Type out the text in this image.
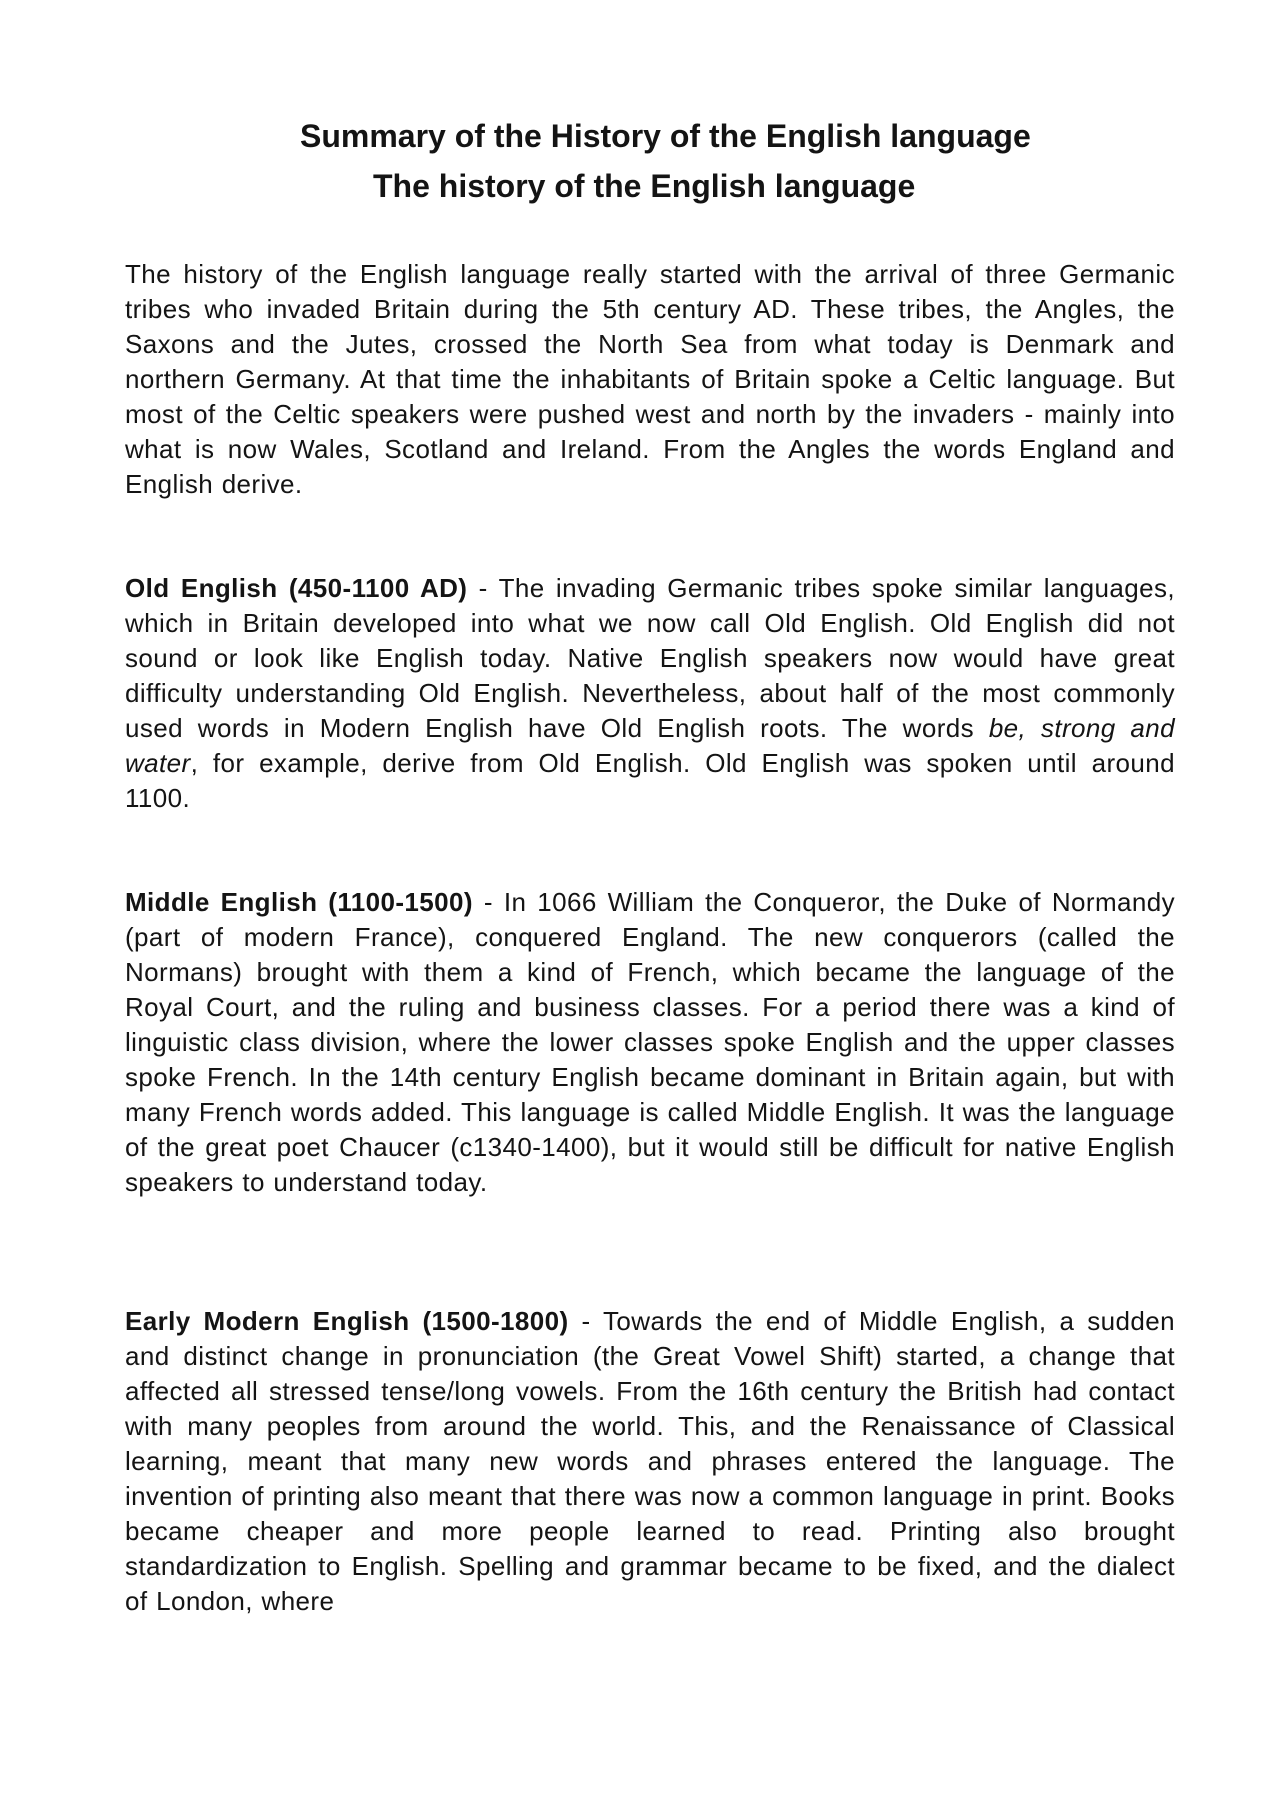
Summary of the History of the English language
The history of the English language

The history of the English language really started with the arrival of three Germanic tribes who invaded Britain during the 5th century AD. These tribes, the Angles, the Saxons and the Jutes, crossed the North Sea from what today is Denmark and northern Germany. At that time the inhabitants of Britain spoke a Celtic language. But most of the Celtic speakers were pushed west and north by the invaders - mainly into what is now Wales, Scotland and Ireland. From the Angles the words England and English derive.

Old English (450-1100 AD) - The invading Germanic tribes spoke similar languages, which in Britain developed into what we now call Old English. Old English did not sound or look like English today. Native English speakers now would have great difficulty understanding Old English. Nevertheless, about half of the most commonly used words in Modern English have Old English roots. The words be, strong and water, for example, derive from Old English. Old English was spoken until around 1100.

Middle English (1100-1500) - In 1066 William the Conqueror, the Duke of Normandy (part of modern France), conquered England. The new conquerors (called the Normans) brought with them a kind of French, which became the language of the Royal Court, and the ruling and business classes. For a period there was a kind of linguistic class division, where the lower classes spoke English and the upper classes spoke French. In the 14th century English became dominant in Britain again, but with many French words added. This language is called Middle English. It was the language of the great poet Chaucer (c1340-1400), but it would still be difficult for native English speakers to understand today.

Early Modern English (1500-1800) - Towards the end of Middle English, a sudden and distinct change in pronunciation (the Great Vowel Shift) started, a change that affected all stressed tense/long vowels. From the 16th century the British had contact with many peoples from around the world. This, and the Renaissance of Classical learning, meant that many new words and phrases entered the language. The invention of printing also meant that there was now a common language in print. Books became cheaper and more people learned to read. Printing also brought standardization to English. Spelling and grammar became to be fixed, and the dialect of London, where
